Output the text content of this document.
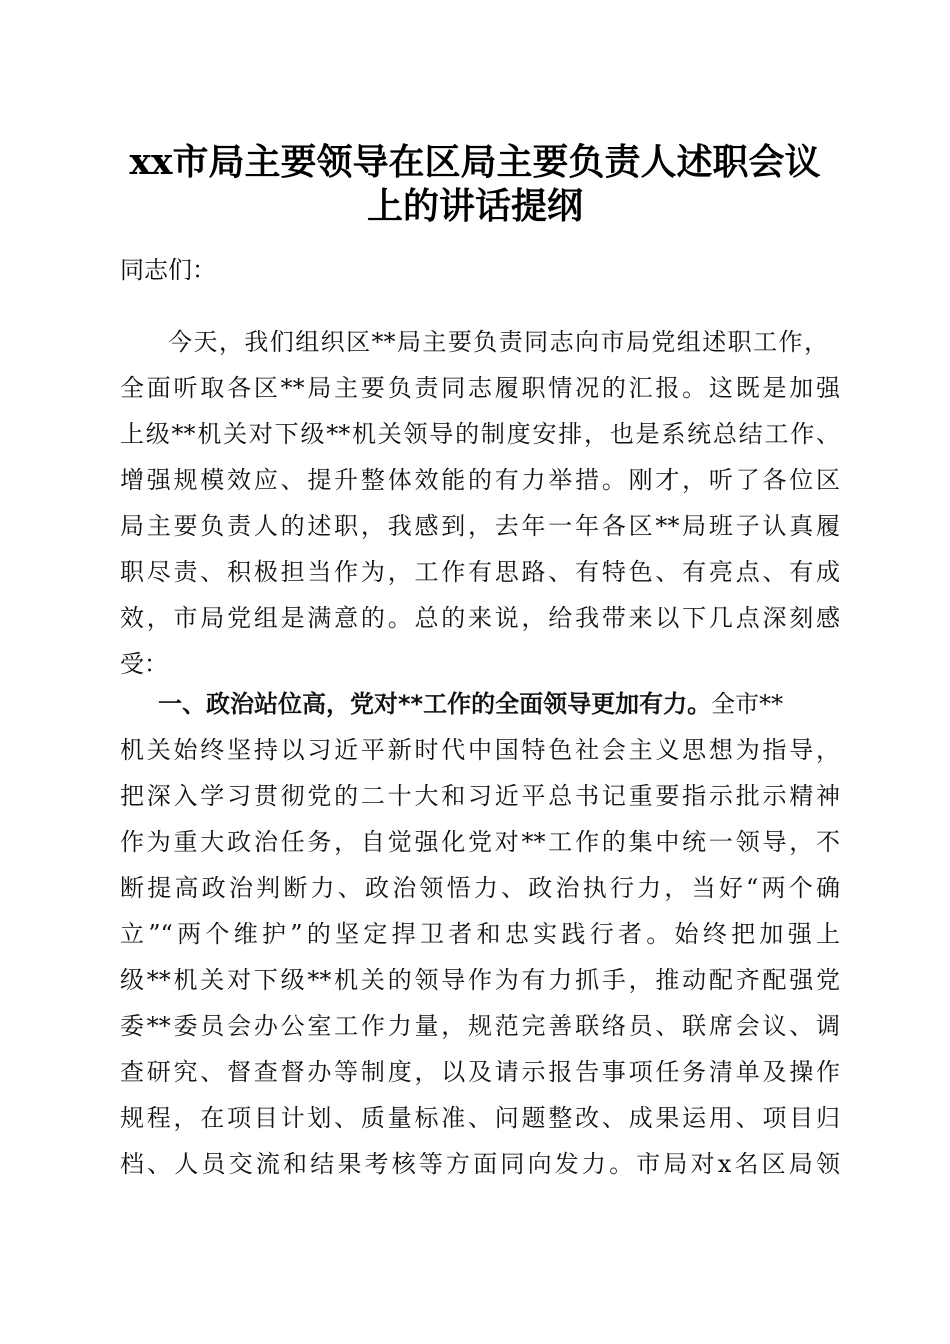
xx市局主要领导在区局主要负责人述职会议
上的讲话提纲
同志们：
今天，我们组织区**局主要负责同志向市局党组述职工作，
全面听取各区**局主要负责同志履职情况的汇报。这既是加强
上级**机关对下级**机关领导的制度安排，也是系统总结工作、
增强规模效应、提升整体效能的有力举措。刚才，听了各位区
局主要负责人的述职，我感到，去年一年各区**局班子认真履
职尽责、积极担当作为，工作有思路、有特色、有亮点、有成
效，市局党组是满意的。总的来说，给我带来以下几点深刻感
受：
一、政治站位高，党对**工作的全面领导更加有力。全市**
机关始终坚持以习近平新时代中国特色社会主义思想为指导，
把深入学习贯彻党的二十大和习近平总书记重要指示批示精神
作为重大政治任务，自觉强化党对**工作的集中统一领导，不
断提高政治判断力、政治领悟力、政治执行力，当好“两个确
立”“两个维护”的坚定捍卫者和忠实践行者。始终把加强上
级**机关对下级**机关的领导作为有力抓手，推动配齐配强党
委**委员会办公室工作力量，规范完善联络员、联席会议、调
查研究、督查督办等制度，以及请示报告事项任务清单及操作
规程，在项目计划、质量标准、问题整改、成果运用、项目归
档、人员交流和结果考核等方面同向发力。市局对x名区局领
